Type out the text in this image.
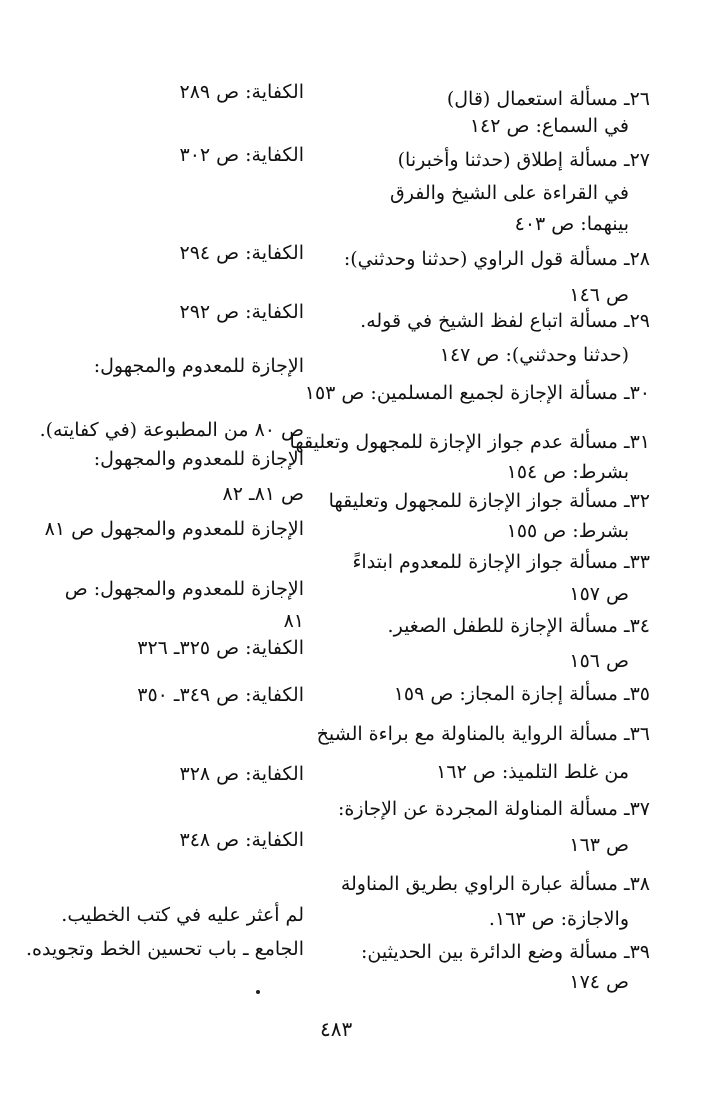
٢٦ـ مسألة استعمال (قال)
في السماع: ص ١٤٢
الكفاية: ص ٢٨٩
٢٧ـ مسألة إطلاق (حدثنا وأخبرنا)
في القراءة على الشيخ والفرق
بينهما: ص ٤٠٣
الكفاية: ص ٣٠٢
٢٨ـ مسألة قول الراوي (حدثنا وحدثني):
ص ١٤٦
الكفاية: ص ٢٩٤
٢٩ـ مسألة اتباع لفظ الشيخ في قوله.
(حدثنا وحدثني): ص ١٤٧
الكفاية: ص ٢٩٢
٣٠ـ مسألة الإجازة لجميع المسلمين: ص ١٥٣
الإجازة للمعدوم والمجهول:
٣١ـ مسألة عدم جواز الإجازة للمجهول وتعليقها
بشرط: ص ١٥٤
ص ٨٠ من المطبوعة (في كفايته).
الإجازة للمعدوم والمجهول:
٣٢ـ مسألة جواز الإجازة للمجهول وتعليقها
بشرط: ص ١٥٥
ص ٨١ـ ٨٢
الإجازة للمعدوم والمجهول ص ٨١
٣٣ـ مسألة جواز الإجازة للمعدوم ابتداءً
ص ١٥٧
الإجازة للمعدوم والمجهول: ص
٨١	٣٤ـ مسألة الإجازة للطفل الصغير.
ص ١٥٦
الكفاية: ص ٣٢٥ـ ٣٢٦
٣٥ـ مسألة إجازة المجاز: ص ١٥٩
الكفاية: ص ٣٤٩ـ ٣٥٠
٣٦ـ مسألة الرواية بالمناولة مع براءة الشيخ
من غلط التلميذ: ص ١٦٢
الكفاية: ص ٣٢٨
٣٧ـ مسألة المناولة المجردة عن الإجازة:
ص ١٦٣
الكفاية: ص ٣٤٨
٣٨ـ مسألة عبارة الراوي بطريق المناولة
والاجازة: ص ١٦٣.
لم أعثر عليه في كتب الخطيب.
٣٩ـ مسألة وضع الدائرة بين الحديثين:
ص ١٧٤
الجامع ـ باب تحسين الخط وتجويده.
٤٨٣
